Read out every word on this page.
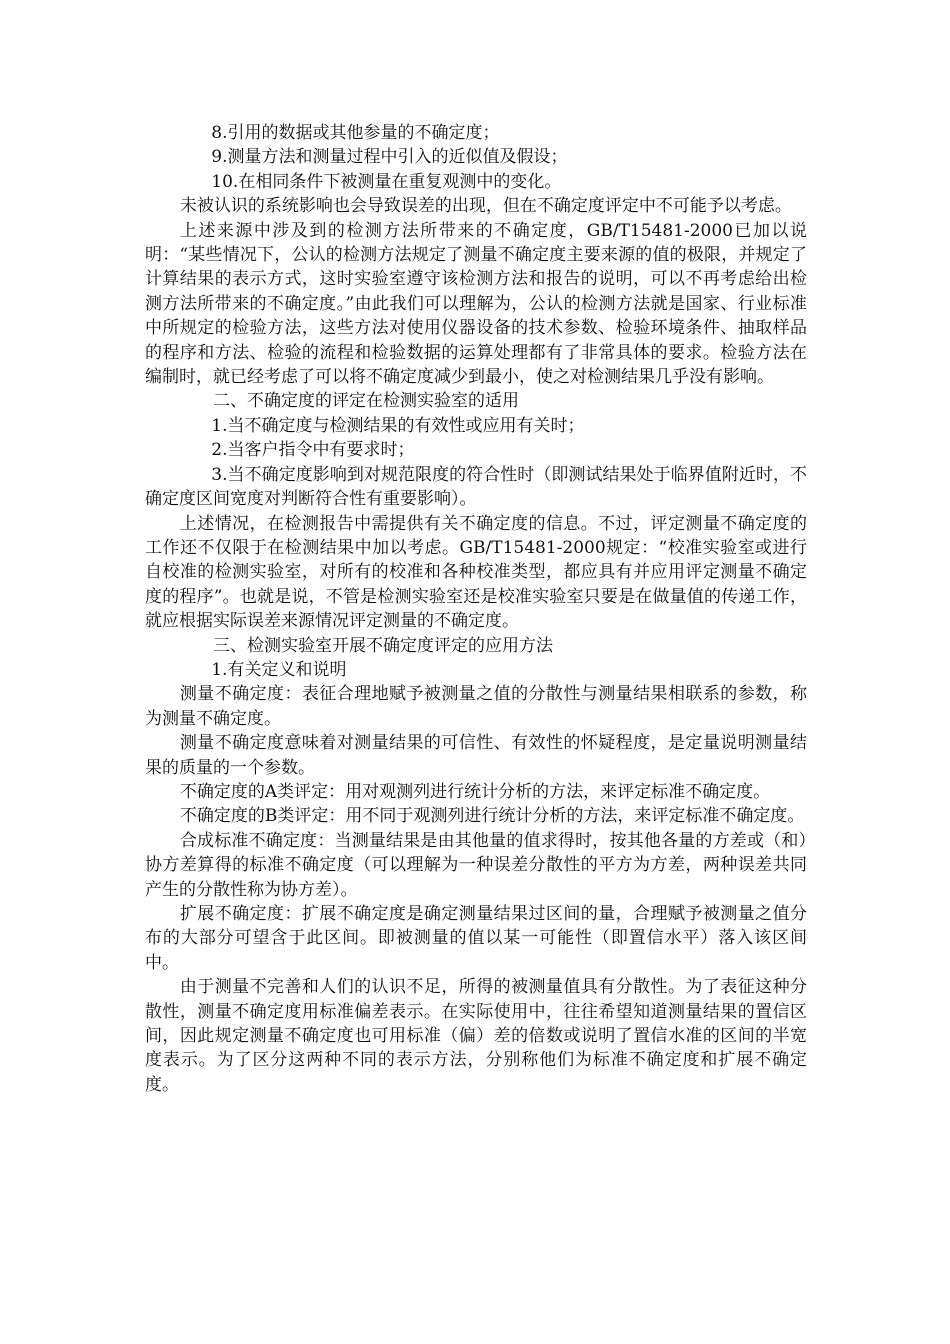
8.引用的数据或其他参量的不确定度；

9.测量方法和测量过程中引入的近似值及假设；

10.在相同条件下被测量在重复观测中的变化。

未被认识的系统影响也会导致误差的出现，但在不确定度评定中不可能予以考虑。

上述来源中涉及到的检测方法所带来的不确定度，GB/T15481-2000已加以说明：“某些情况下，公认的检测方法规定了测量不确定度主要来源的值的极限，并规定了计算结果的表示方式，这时实验室遵守该检测方法和报告的说明，可以不再考虑给出检测方法所带来的不确定度。”由此我们可以理解为，公认的检测方法就是国家、行业标准中所规定的检验方法，这些方法对使用仪器设备的技术参数、检验环境条件、抽取样品的程序和方法、检验的流程和检验数据的运算处理都有了非常具体的要求。检验方法在编制时，就已经考虑了可以将不确定度减少到最小，使之对检测结果几乎没有影响。

二、不确定度的评定在检测实验室的适用

1.当不确定度与检测结果的有效性或应用有关时；

2.当客户指令中有要求时；

3.当不确定度影响到对规范限度的符合性时（即测试结果处于临界值附近时，不确定度区间宽度对判断符合性有重要影响）。

上述情况，在检测报告中需提供有关不确定度的信息。不过，评定测量不确定度的工作还不仅限于在检测结果中加以考虑。GB/T15481-2000规定：“校准实验室或进行自校准的检测实验室，对所有的校准和各种校准类型，都应具有并应用评定测量不确定度的程序”。也就是说，不管是检测实验室还是校准实验室只要是在做量值的传递工作，就应根据实际误差来源情况评定测量的不确定度。

三、检测实验室开展不确定度评定的应用方法

1.有关定义和说明

测量不确定度：表征合理地赋予被测量之值的分散性与测量结果相联系的参数，称为测量不确定度。

测量不确定度意味着对测量结果的可信性、有效性的怀疑程度，是定量说明测量结果的质量的一个参数。

不确定度的A类评定：用对观测列进行统计分析的方法，来评定标准不确定度。

不确定度的B类评定：用不同于观测列进行统计分析的方法，来评定标准不确定度。

合成标准不确定度：当测量结果是由其他量的值求得时，按其他各量的方差或（和）协方差算得的标准不确定度（可以理解为一种误差分散性的平方为方差，两种误差共同产生的分散性称为协方差）。

扩展不确定度：扩展不确定度是确定测量结果过区间的量，合理赋予被测量之值分布的大部分可望含于此区间。即被测量的值以某一可能性（即置信水平）落入该区间中。

由于测量不完善和人们的认识不足，所得的被测量值具有分散性。为了表征这种分散性，测量不确定度用标准偏差表示。在实际使用中，往往希望知道测量结果的置信区间，因此规定测量不确定度也可用标准（偏）差的倍数或说明了置信水准的区间的半宽度表示。为了区分这两种不同的表示方法，分别称他们为标准不确定度和扩展不确定度。
